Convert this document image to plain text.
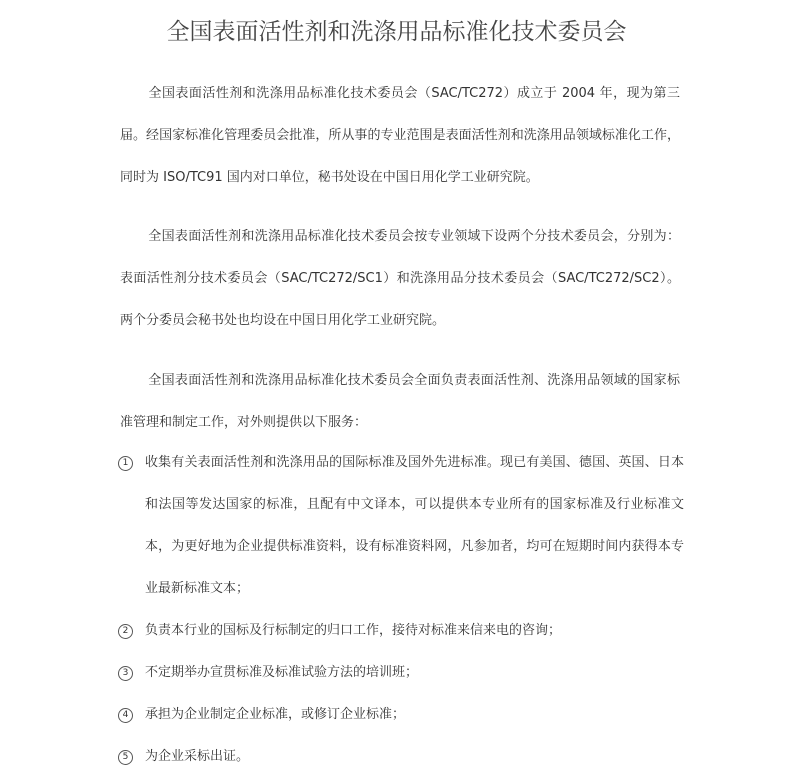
全国表面活性剂和洗涤用品标准化技术委员会

全国表面活性剂和洗涤用品标准化技术委员会（SAC/TC272）成立于 2004 年，现为第三届。经国家标准化管理委员会批准，所从事的专业范围是表面活性剂和洗涤用品领域标准化工作，同时为 ISO/TC91 国内对口单位，秘书处设在中国日用化学工业研究院。

全国表面活性剂和洗涤用品标准化技术委员会按专业领域下设两个分技术委员会，分别为：表面活性剂分技术委员会（SAC/TC272/SC1）和洗涤用品分技术委员会（SAC/TC272/SC2）。两个分委员会秘书处也均设在中国日用化学工业研究院。

全国表面活性剂和洗涤用品标准化技术委员会全面负责表面活性剂、洗涤用品领域的国家标准管理和制定工作，对外则提供以下服务：

1	收集有关表面活性剂和洗涤用品的国际标准及国外先进标准。现已有美国、德国、英国、日本和法国等发达国家的标准，且配有中文译本，可以提供本专业所有的国家标准及行业标准文本，为更好地为企业提供标准资料，设有标准资料网，凡参加者，均可在短期时间内获得本专业最新标准文本；
2	负责本行业的国标及行标制定的归口工作，接待对标准来信来电的咨询；
3	不定期举办宣贯标准及标准试验方法的培训班；
4	承担为企业制定企业标准，或修订企业标准；
5	为企业采标出证。
